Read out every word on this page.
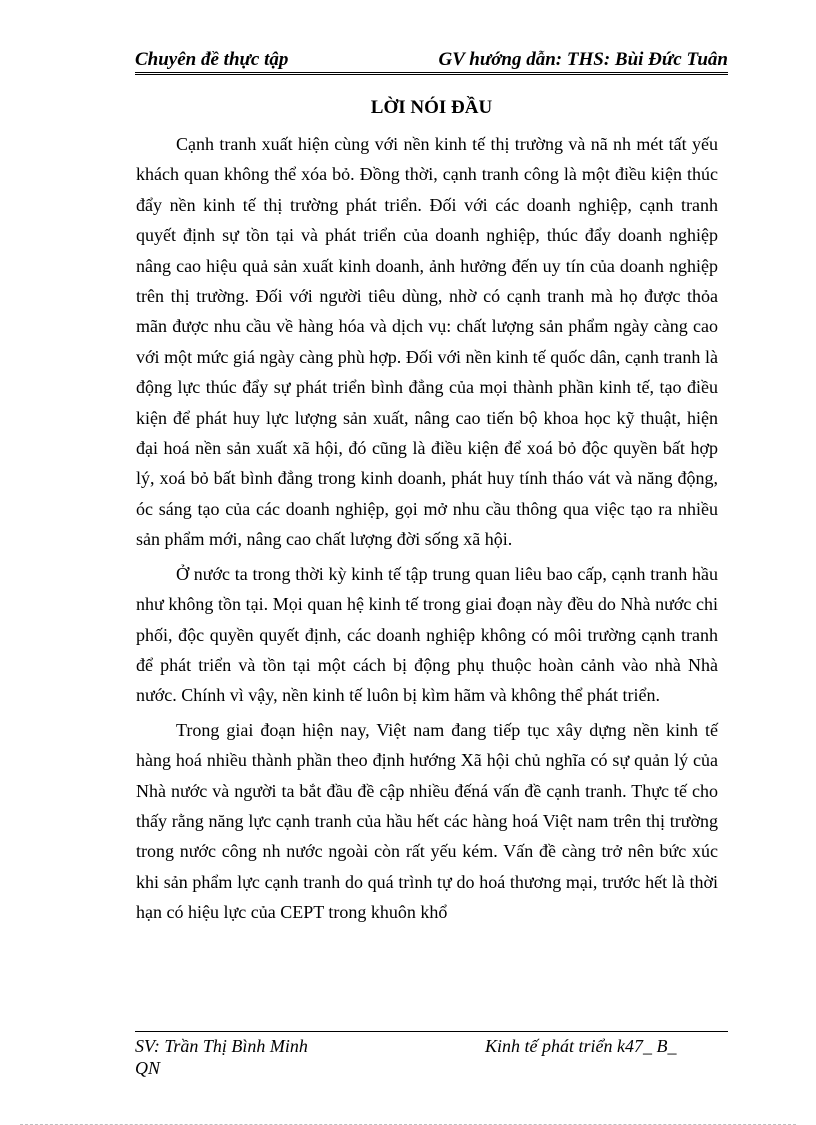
Chuyên đề thực tập	GV hướng dẫn: THS: Bùi Đức Tuân
LỜI NÓI ĐẦU

Cạnh tranh xuất hiện cùng với nền kinh tế thị trường và nã nh mét tất yếu khách quan không thể xóa bỏ. Đồng thời, cạnh tranh công là một điều kiện thúc đẩy nền kinh tế thị trường phát triển. Đối với các doanh nghiệp, cạnh tranh quyết định sự tồn tại và phát triển của doanh nghiệp, thúc đẩy doanh nghiệp nâng cao hiệu quả sản xuất kinh doanh, ảnh hưởng đến uy tín của doanh nghiệp trên thị trường. Đối với người tiêu dùng, nhờ có cạnh tranh mà họ được thỏa mãn được nhu cầu về hàng hóa và dịch vụ: chất lượng sản phẩm ngày càng cao với một mức giá ngày càng phù hợp. Đối với nền kinh tế quốc dân, cạnh tranh là động lực thúc đẩy sự phát triển bình đẳng của mọi thành phần kinh tế, tạo điều kiện để phát huy lực lượng sản xuất, nâng cao tiến bộ khoa học kỹ thuật, hiện đại hoá nền sản xuất xã hội, đó cũng là điều kiện để xoá bỏ độc quyền bất hợp lý, xoá bỏ bất bình đẳng trong kinh doanh, phát huy tính tháo vát và năng động, óc sáng tạo của các doanh nghiệp, gọi mở nhu cầu thông qua việc tạo ra nhiều sản phẩm mới, nâng cao chất lượng đời sống xã hội.

Ở nước ta trong thời kỳ kinh tế tập trung quan liêu bao cấp, cạnh tranh hầu như không tồn tại. Mọi quan hệ kinh tế trong giai đoạn này đều do Nhà nước chi phối, độc quyền quyết định, các doanh nghiệp không có môi trường cạnh tranh để phát triển và tồn tại một cách bị động phụ thuộc hoàn cảnh vào nhà Nhà nước. Chính vì vậy, nền kinh tế luôn bị kìm hãm và không thể phát triển.

Trong giai đoạn hiện nay, Việt nam đang tiếp tục xây dựng nền kinh tế hàng hoá nhiều thành phần theo định hướng Xã hội chủ nghĩa có sự quản lý của Nhà nước và người ta bắt đầu đề cập nhiều đếná vấn đề cạnh tranh. Thực tế cho thấy rằng năng lực cạnh tranh của hầu hết các hàng hoá Việt nam trên thị trường trong nước công nh nước ngoài còn rất yếu kém. Vấn đề càng trở nên bức xúc khi sản phẩm lực cạnh tranh do quá trình tự do hoá thương mại, trước hết là thời hạn có hiệu lực của CEPT trong khuôn khổ

SV: Trần Thị Bình Minh	Kinh tế phát triển k47_ B_
QN
